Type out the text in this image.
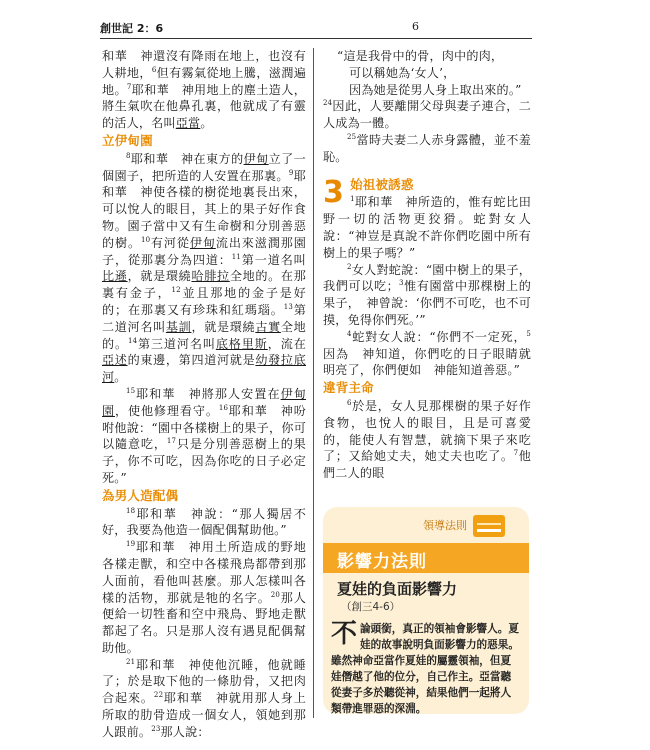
創世記 2：6	6

和華　神還沒有降雨在地上，也沒有人耕地，$^6$但有霧氣從地上騰，滋潤遍地。$^7$耶和華　神用地上的塵土造人，將生氣吹在他鼻孔裏，他就成了有靈的活人，名叫亞當。

立伊甸園

$^8$耶和華　神在東方的伊甸立了一個園子，把所造的人安置在那裏。$^9$耶和華　神使各樣的樹從地裏長出來，可以悅人的眼目，其上的果子好作食物。園子當中又有生命樹和分別善惡的樹。$^{10}$有河從伊甸流出來滋潤那園子，從那裏分為四道：$^{11}$第一道名叫比遜，就是環繞哈腓拉全地的。在那裏有金子，$^{12}$並且那地的金子是好的；在那裏又有珍珠和紅瑪瑙。$^{13}$第二道河名叫基訓，就是環繞古實全地的。$^{14}$第三道河名叫底格里斯，流在亞述的東邊，第四道河就是幼發拉底河。

$^{15}$耶和華　神將那人安置在伊甸園，使他修理看守。$^{16}$耶和華　神吩咐他說：“園中各樣樹上的果子，你可以隨意吃，$^{17}$只是分別善惡樹上的果子，你不可吃，因為你吃的日子必定死。”

為男人造配偶

$^{18}$耶和華　神說：“那人獨居不好，我要為他造一個配偶幫助他。”

$^{19}$耶和華　神用土所造成的野地各樣走獸，和空中各樣飛鳥都帶到那人面前，看他叫甚麼。那人怎樣叫各樣的活物，那就是牠的名字。$^{20}$那人便給一切牲畜和空中飛鳥、野地走獸都起了名。只是那人沒有遇見配偶幫助他。

$^{21}$耶和華　神使他沉睡，他就睡了；於是取下他的一條肋骨，又把肉合起來。$^{22}$耶和華　神就用那人身上所取的肋骨造成一個女人，領她到那人跟前。$^{23}$那人說：

“這是我骨中的骨，肉中的肉，

可以稱她為‘女人’，

因為她是從男人身上取出來的。”

$^{24}$因此，人要離開父母與妻子連合，二人成為一體。

$^{25}$當時夫妻二人赤身露體，並不羞恥。

3 始祖被誘惑
$^1$耶和華　神所造的，惟有蛇比田野一切的活物更狡猾。蛇對女人說：“神豈是真說不許你們吃園中所有樹上的果子嗎？”

$^2$女人對蛇說：“園中樹上的果子，我們可以吃；$^3$惟有園當中那棵樹上的果子，　神曾說：‘你們不可吃，也不可摸，免得你們死。’”

$^4$蛇對女人說：“你們不一定死，$^5$因為　神知道，你們吃的日子眼睛就明亮了，你們便如　神能知道善惡。”

違背主命

$^6$於是，女人見那棵樹的果子好作食物，也悅人的眼目，且是可喜愛的，能使人有智慧，就摘下果子來吃了；又給她丈夫，她丈夫也吃了。$^7$他們二人的眼

領導法則
影響力法則
夏娃的負面影響力
（創三4-6）
不論頭銜，真正的領袖會影響人。夏娃的故事說明負面影響力的惡果。雖然神命亞當作夏娃的屬靈領袖，但夏娃僭越了他的位分，自己作主。亞當聽從妻子多於聽從神，結果他們一起將人類帶進罪惡的深淵。
